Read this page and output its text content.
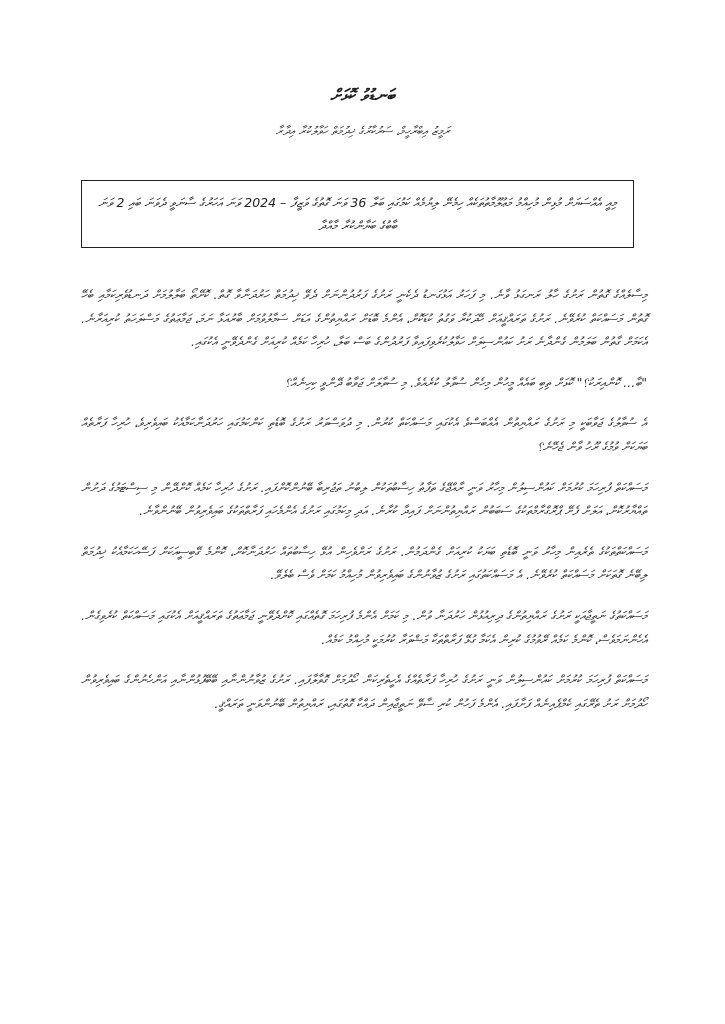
ބަނޑުވު ކޮޅަށް

ރަމީޒު އިބްރާހީމް، ސަރުކާރުގެ ޚިދުމަތް ހަވާލުކުރާ އިދާރާ

މިއީ އެއްސަޔަށް މުޅިން މުހިއްމު މަޢުލޫމާތުތަކެއް ހިމެނޭ ލިޔުމެއް ކަމުގައި ބަލާ 36 ވަނަ ގޮތުގެ ވަޒީފާ – 2024 ވަނަ އަހަރުގެ ސާނަވީ ދެވަނަ ބައި 2 ވަނަ ބާބުގެ ބަޔާންކުރާ މާއްދާ

މިސާލެއްގެ ގޮތުން ރަށުގެ ހާލު ރަނގަޅު ވާނެ. މި ފަހަރު އަޅުގަނޑު ދެކެނީ ރަށުގެ ފަރުދުންނަށް ދެވޭ ޚިދުމަތް ހަރުދަނާވާ ގޮތް. ކޮށޭތޯ ބަލާލުމަށް ދަނޑުވެރިކަމާއި ބެހޭ ގޮތުން މަސައްކަތް ކުރެވޭނެ. ރަށުގެ ތަރައްޤީއަށް ހޭދަކުރާ ވަގުތު ކުޑަކޮށް، އެންމެ ބޮޑަށް ރައްޔިތުންގެ އަޑަށް ސަމާލުވުމަށް ބާރުއަޅާ ނަމަ، ޖަމާޢަތުގެ މަސްލަހަތު ކުރިއަރާނެ. އެކަމަށް ގާތުން ބަލަމުން ގެންދާނެ ރަށު ކައުންސިލަށް ހަވާލުކުރެވިފައިވާ ފަރުދުންގެ ބަސް ބަލާ، ހުރިހާ ކަމެއް ކުރިއަށް ގެންދެވޭނީ އެކުގައި.

"ބާ... ކޮންއިރަކު؟" ކޮޅަށް ތިބި ބައެއް މީހުން މިހެން ސުވާލު ކުރެއެވެ. މި ސުވާލަށް ޖަވާބު ދޭންވީ ކިހިނެއް؟

އެ ސުވާލުގެ ޖަވާބަކީ މި ރަށުގެ ރައްޔިތުން އެއްބަސްވެ އެކުގައި މަސައްކަތް ކުރުން. މި ދުވަސްވަރު ރަށުގެ ބޮޑެތި ކަންކަމުގައި ހަރުދަނާކަމާއެކު ބައިވެރިވެ، ހުރިހާ ފަރާތެއް ބަޔަކަށް ވުމުގެ ރޫހު ވާން ޖެހޭނެ؟

މަސައްކަތް ފުރިހަމަ ކުރުމަށް ކައުންސިލުން މިހާރު ވަނީ ރާއްޖޭގެ ތަފާތު ހިސާބުތަކުން ލިބުނު ތަޖުރިބާ ބޭނުންކޮށްފައި. ރަށުގެ ހުރިހާ ކަމެއް ކޮށްދޭން މި ސިސްޓަމުގެ ދަށުން ތައްޔާރުކޮށް، އަލަށް ފެށޭ ޕްރޮގްރާމްތަކުގެ ސަބަބުން ރައްޔިތުންނަށް ފައިދާ ކުރާނެ. އަދި މިކަމުގައި ރަށުގެ އެންމެހައި ފަރާތްތަކުގެ ބައިވެރިވުން ބޭނުންވާނެ.

މަސައްކަތްތަކުގެ ތެރެއިން މިހާރު ވަނީ ބޮޑެތި ބަޔަކު ކުރިއަށް ގެންދަމުން. ރަށުގެ ރަށްވެހިން އުޅޭ ހިސާބުތައް ހަރުދަނާކޮށް، ކޮންމެ ގޭބިސީއަކަށް ފަސޭހަކަމާއެކު ޚިދުމަތް ލިބޭނެ ގޮތަކަށް މަސައްކަތް ކުރެވޭނެ. އެ މަސައްކަތުގައި ރަށުގެ ޒުވާނުންގެ ބައިވެރިވުން މުހިއްމު ކަމަށް ވެސް ބެލެވޭ.

މަސައްކަތުގެ ނަތީޖާއަކީ ރަށުގެ ރައްޔިތުންގެ ދިރިއުޅުން ހަރުދަނާ ވުން. މި ކަމަށް އެންމެ ފުރިހަމަ ގޮތެއްގައި ކޮށްދެވޭނީ ޖަމާޢަތުގެ ތަރައްޤީއަށް އެކުގައި މަސައްކަތް ކުރެވިގެން. އެހެންނަމަވެސް، ކޮންމެ ކަމެއް ރޭވުމުގެ ކުރިން އެކަމާ ގުޅޭ ފަރާތްތަކާ މަޝްވަރާ ކުރުމަކީ މުހިއްމު ކަމެއް.

މަސައްކަތް ފުރިހަމަ ކުރުމަށް ކައުންސިލުން ވަނީ ރަށުގެ ހުރިހާ ފަރާތެއްގެ އެހީތެރިކަން ހޯދުމަށް ގޮވާލާފައި. ރަށުގެ ޒުވާނުންނާއި ބޭބޭފުޅުންނާއި އަންހެނުންގެ ބައިވެރިވުން ހޯދުމަށް ރަށު ތެރޭގައި ކެމްޕެއިނެއް ފަށާފައި. އެންމެ ފަހުން ކުރި ސާވޭ ނަތީޖާއިން ދައްކާ ގޮތުގައި، ރައްޔިތުން ބޭނުންވަނީ ތަރައްޤީ.
